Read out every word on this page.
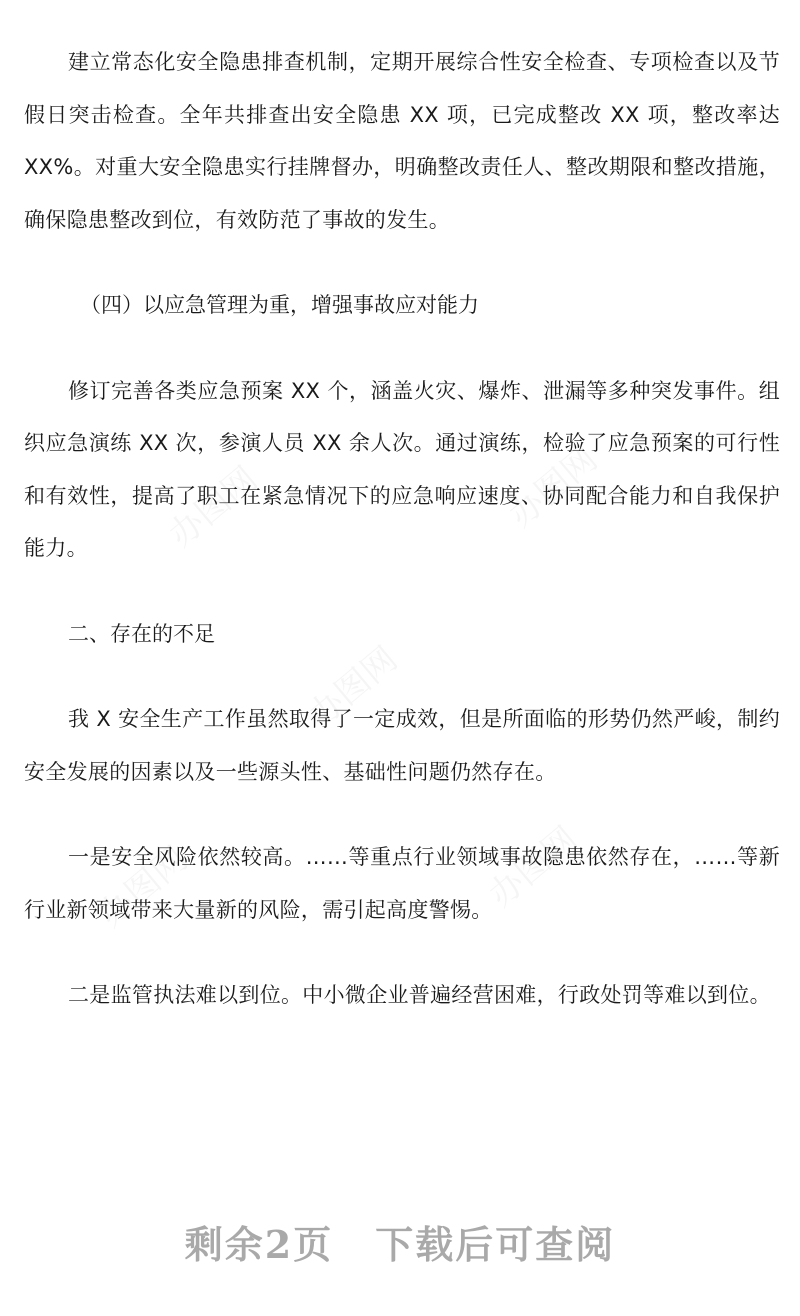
办图网	办图网
办图网
办图网	办图网

建立常态化安全隐患排查机制，定期开展综合性安全检查、专项检查以及节假日突击检查。全年共排查出安全隐患 XX 项，已完成整改 XX 项，整改率达 XX%。对重大安全隐患实行挂牌督办，明确整改责任人、整改期限和整改措施，确保隐患整改到位，有效防范了事故的发生。

（四）以应急管理为重，增强事故应对能力

修订完善各类应急预案 XX 个，涵盖火灾、爆炸、泄漏等多种突发事件。组织应急演练 XX 次，参演人员 XX 余人次。通过演练，检验了应急预案的可行性和有效性，提高了职工在紧急情况下的应急响应速度、协同配合能力和自我保护能力。

二、存在的不足

我 X 安全生产工作虽然取得了一定成效，但是所面临的形势仍然严峻，制约安全发展的因素以及一些源头性、基础性问题仍然存在。

一是安全风险依然较高。……等重点行业领域事故隐患依然存在，……等新行业新领域带来大量新的风险，需引起高度警惕。

二是监管执法难以到位。中小微企业普遍经营困难，行政处罚等难以到位。

剩余2页 下载后可查阅
